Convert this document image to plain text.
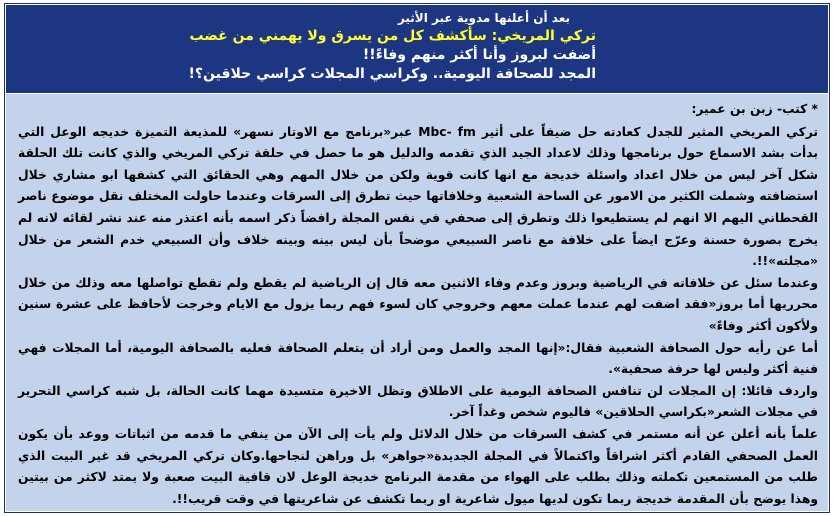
بعد أن أعلنها مدوية عبر الأثير
تركي المريخي: سأكشف كل من يسرق ولا يهمني من غضب
أضفت لبروز وأنا أكثر منهم وفاءً!!
المجد للصحافة اليومية.. وكراسي المجلات كراسي حلاقين؟!
* كتب- زبن بن عمير:

تركي المريخي المثير للجدل كعادته حل ضيفاً على أثير Mbc- fm عبر«برنامج مع الاوتار نسهر» للمذيعة التميزة خديجه الوعل التي بدأت بشد الاسماع حول برنامجها وذلك لاعداد الجيد الذي تقدمه والدليل هو ما حصل في حلقة تركي المريخي والذي كانت تلك الحلقة شكل آخر ليس من خلال اعداد واسئلة خديجة مع انها كانت قوية ولكن من خلال المهم وهي الحقائق التي كشفها ابو مشاري خلال استضافته وشملت الكثير من الامور عن الساحة الشعبية وخلافاتها حيث تطرق إلى السرقات وعندما حاولت المختلف نقل موضوع ناصر القحطاني اليهم الا انهم لم يستطيعوا ذلك وتطرق إلى صحفي في نفس المجلة رافضاً ذكر اسمه بأنه اعتذر منه عند نشر لقائه لانه لم يخرج بصورة حسنة وعرّج ايضاً على خلافة مع ناصر السبيعي موضحاً بأن ليس بينه وبينه خلاف وأن السبيعي خدم الشعر من خلال «مجلته»!!.

وعندما سئل عن خلافاته في الرياضية وبروز وعدم وفاء الاثنين معه قال إن الرياضية لم يقطع ولم تقطع تواصلها معه وذلك من خلال محرريها أما بروز«فقد اضفت لهم عندما عملت معهم وخروجي كان لسوء فهم ربما يزول مع الايام وخرجت لأحافظ على عشرة سنين ولأكون أكثر وفاءً»

أما عن رأيه حول الصحافة الشعبية فقال:«إنها المجد والعمل ومن أراد أن يتعلم الصحافة فعليه بالصحافة اليومية، أما المجلات فهي فنية أكثر وليس لها حرفة صحفية».

واردف قائلا: إن المجلات لن تنافس الصحافة اليومية على الاطلاق وتظل الاخيرة متسيدة مهما كانت الحالة، بل شبه كراسي التحرير في مجلات الشعر«بكراسي الحلاقين» فاليوم شخص وغداً آخر.

علماً بأنه أعلن عن أنه مستمر في كشف السرقات من خلال الدلائل ولم يأت إلى الآن من ينفي ما قدمه من اثباتات ووعد بأن يكون العمل الصحفي القادم أكثر اشراقاً واكتمالاً في المجلة الجديدة«جواهر» بل وراهن لنجاحها.وكان تركي المريخي قد غير البيت الذي طلب من المستمعين تكملته وذلك بطلب على الهواء من مقدمة البرنامج خديجة الوعل لان قافية البيت صعبة ولا يمتد لاكثر من بيتين وهذا يوضح بأن المقدمة خديجة ربما تكون لديها ميول شاعرية او ربما تكشف عن شاعريتها في وقت قريب!!.
